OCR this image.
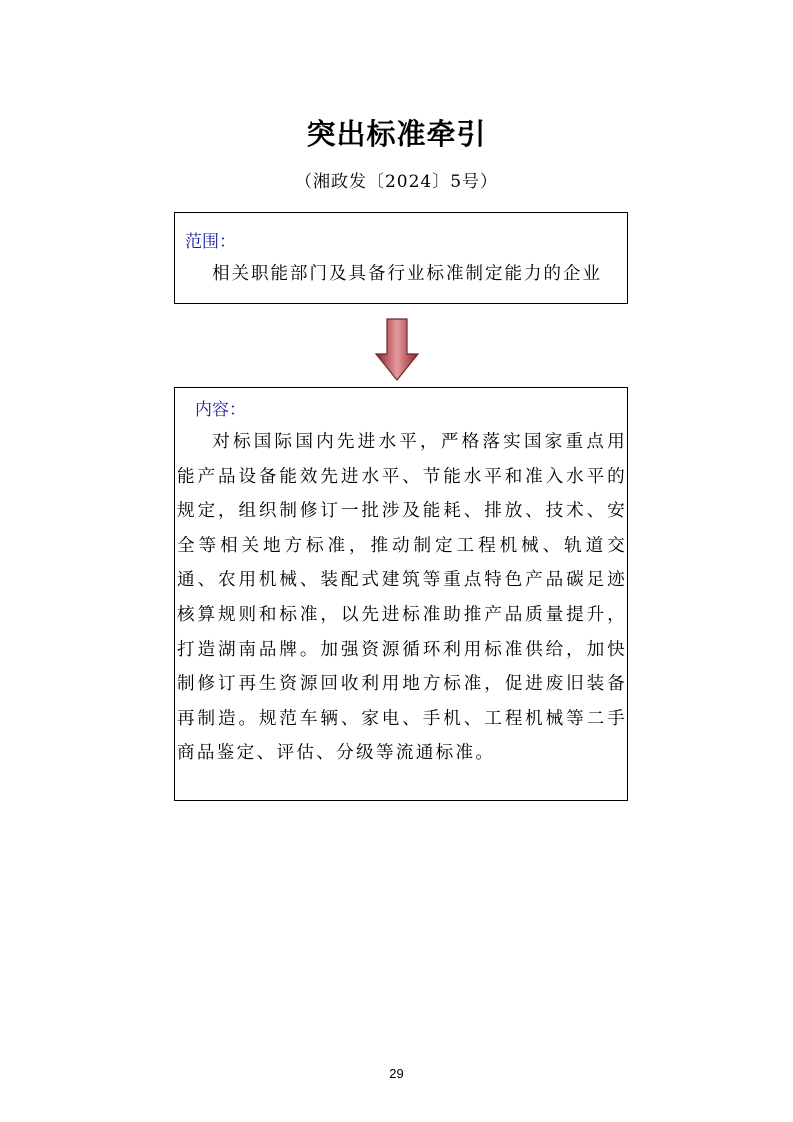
突出标准牵引
（湘政发〔2024〕5号）
范围：
相关职能部门及具备行业标准制定能力的企业
内容：
对标国际国内先进水平，严格落实国家重点用能产品设备能效先进水平、节能水平和准入水平的规定，组织制修订一批涉及能耗、排放、技术、安全等相关地方标准，推动制定工程机械、轨道交通、农用机械、装配式建筑等重点特色产品碳足迹核算规则和标准，以先进标准助推产品质量提升，打造湖南品牌。加强资源循环利用标准供给，加快制修订再生资源回收利用地方标准，促进废旧装备再制造。规范车辆、家电、手机、工程机械等二手商品鉴定、评估、分级等流通标准。
29
